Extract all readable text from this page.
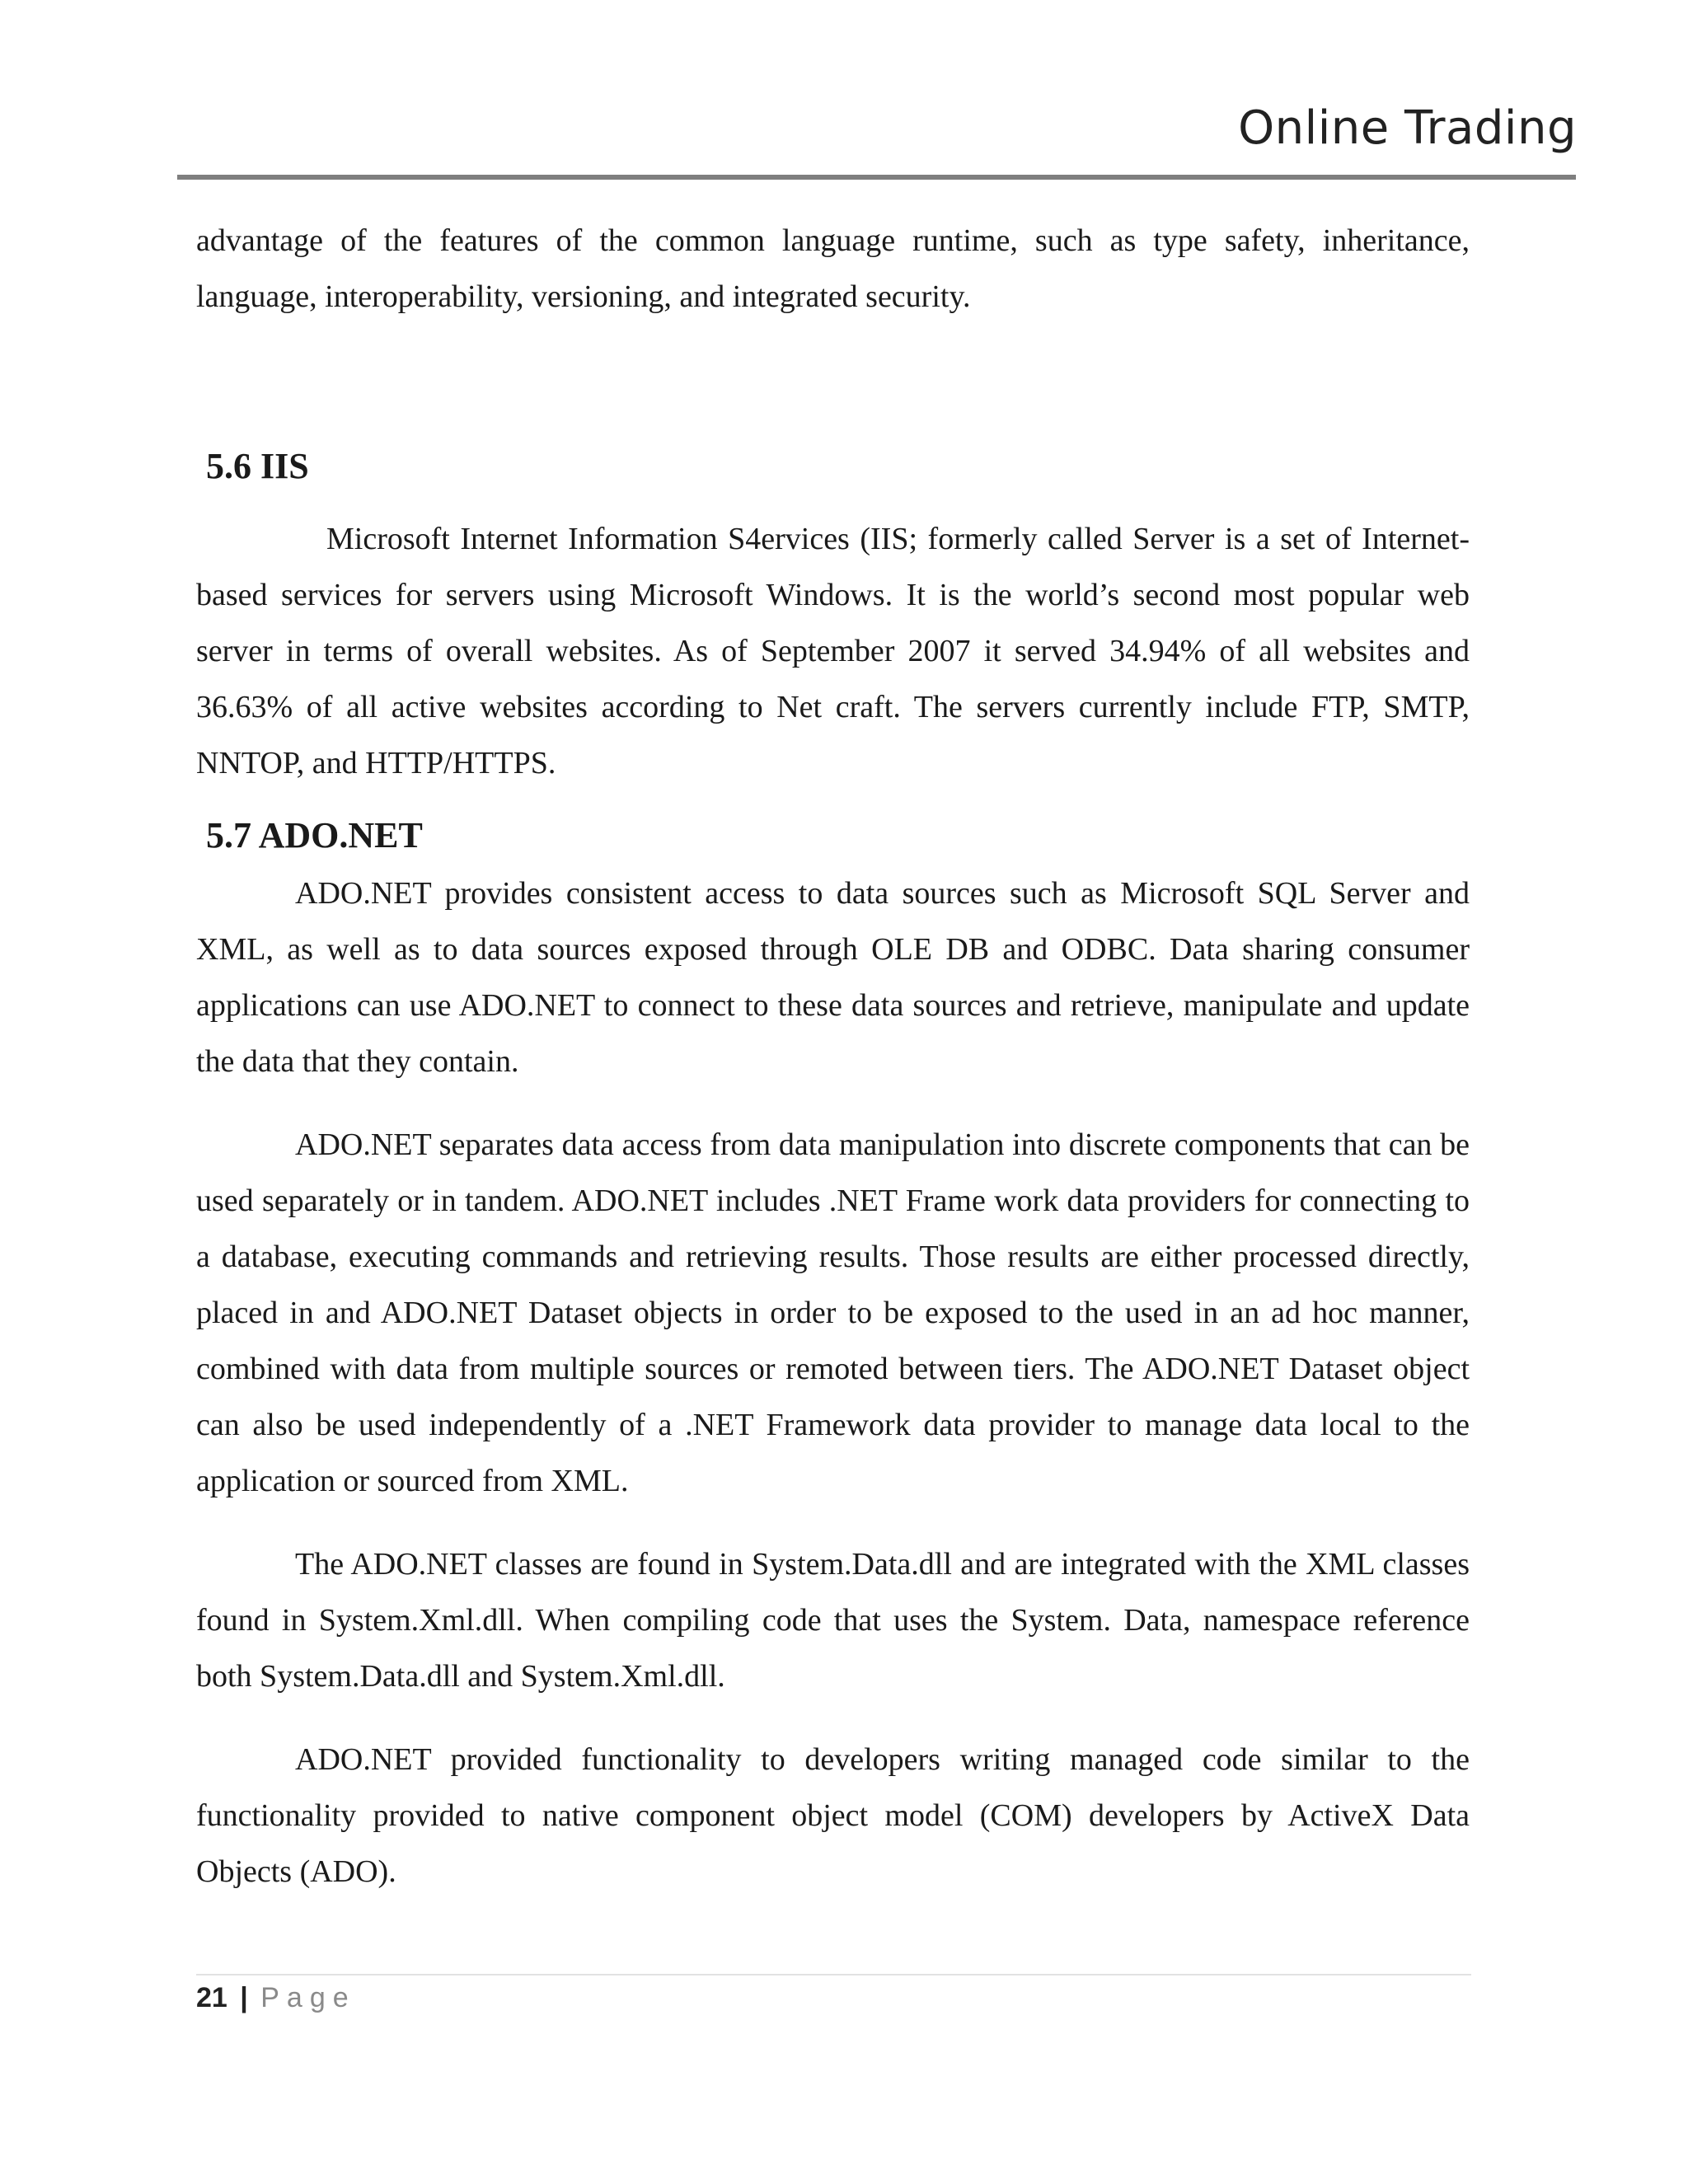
Online Trading

advantage of the features of the common language runtime, such as type safety, inheritance, language, interoperability, versioning, and integrated security.

5.6 IIS

Microsoft Internet Information S4ervices (IIS; formerly called Server is a set of Internet-based services for servers using Microsoft Windows. It is the world’s second most popular web server in terms of overall websites. As of September 2007 it served 34.94% of all websites and 36.63% of all active websites according to Net craft. The servers currently include FTP, SMTP, NNTOP, and HTTP/HTTPS.

5.7 ADO.NET

ADO.NET provides consistent access to data sources such as Microsoft SQL Server and XML, as well as to data sources exposed through OLE DB and ODBC. Data sharing consumer applications can use ADO.NET to connect to these data sources and retrieve, manipulate and update the data that they contain.

ADO.NET separates data access from data manipulation into discrete components that can be used separately or in tandem. ADO.NET includes .NET Frame work data providers for connecting to a database, executing commands and retrieving results. Those results are either processed directly, placed in and ADO.NET Dataset objects in order to be exposed to the used in an ad hoc manner, combined with data from multiple sources or remoted between tiers. The ADO.NET Dataset object can also be used independently of a .NET Framework data provider to manage data local to the application or sourced from XML.

The ADO.NET classes are found in System.Data.dll and are integrated with the XML classes found in System.Xml.dll. When compiling code that uses the System. Data, namespace reference both System.Data.dll and System.Xml.dll.

ADO.NET provided functionality to developers writing managed code similar to the functionality provided to native component object model (COM) developers by ActiveX Data Objects (ADO).

21 | Page
